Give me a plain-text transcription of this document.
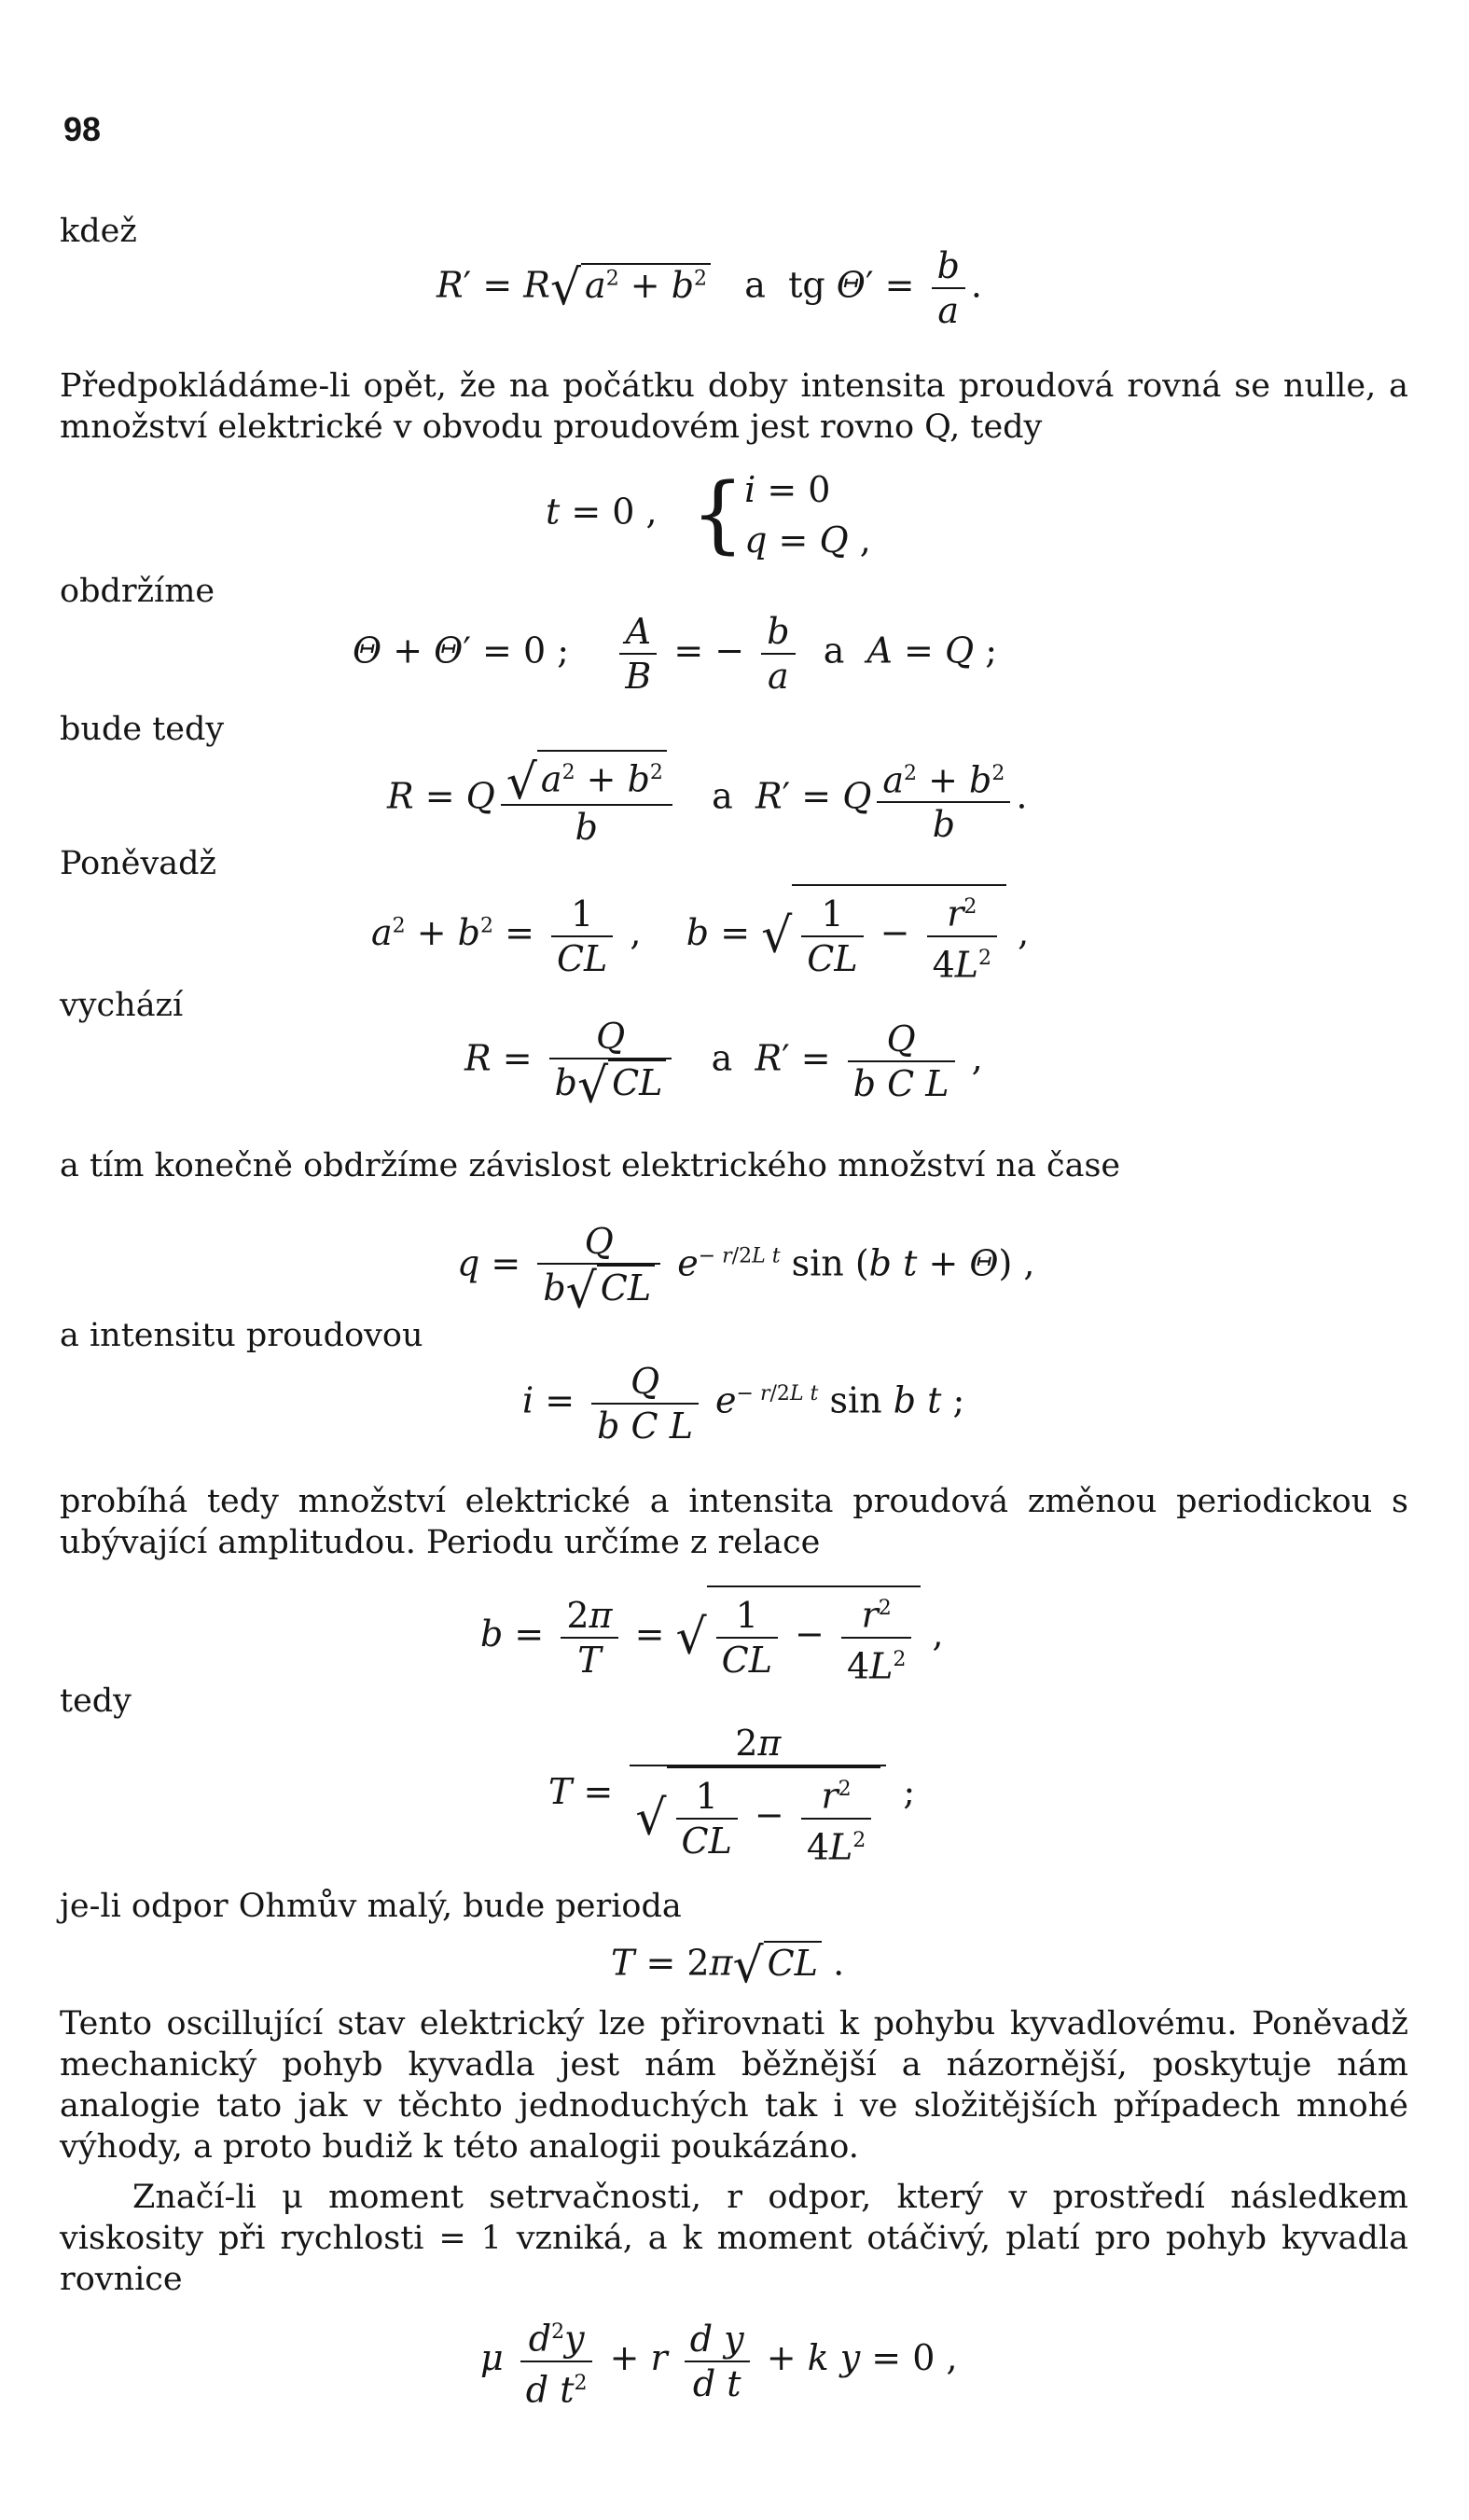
98
kdež
R′ = R√ $a^2 + b^2$ a tg $\Theta' = \frac{b}{a}$ .

Předpokládáme-li opět, že na počátku doby intensita proudová rovná se nulle, a množství elektrické v obvodu proudovém jest rovno Q, tedy

t = 0 ,   { i = 0
q = Q ,
obdržíme
Θ + Θ′ = 0 ; $\frac{A}{B}$ = − $\frac{b}{a}$ a A = Q ;
bude tedy
R = Q $\frac{√ a^2 + b^2}{b}$ a  R′ = Q $\frac{a^2 + b^2}{b}$ .
Poněvadž
$a^2 + b^2 = \frac{1}{CL}$ ,    b = √ $\frac{1}{CL} - \frac{r^2}{4L^2}$ ,
vychází
$R = \frac{Q}{b√ CL}$ a  $R' = \frac{Q}{\text{b C L}}$ ,

a tím konečně obdržíme závislost elektrického množství na čase

$q = \frac{Q}{b√ CL} e^{- r/2L t}$ sin (b t + Θ) ,
a intensitu proudovou
$i = \frac{Q}{\text{b C L}} e^{- r/2L t}$ sin b t ;

probíhá tedy množství elektrické a intensita proudová změnou periodickou s ubývající amplitudou. Periodu určíme z relace

$b = \frac{2\pi}{T}$ = √ $\frac{1}{CL} - \frac{r^2}{4L^2}$ ,
tedy
$T = \frac{2\pi}{√ \frac{1}{CL} - \frac{r^2}{4L^2}}$ ;
je-li odpor Ohmův malý, bude perioda
T = 2π√ CL .

Tento oscillující stav elektrický lze přirovnati k pohybu kyvadlovému. Poněvadž mechanický pohyb kyvadla jest nám běžnější a názornější, poskytuje nám analogie tato jak v těchto jednoduchých tak i ve složitějších případech mnohé výhody, a proto budiž k této analogii poukázáno.

Značí-li μ moment setrvačnosti, r odpor, který v prostředí následkem viskosity při rychlosti = 1 vzniká, a k moment otáčivý, platí pro pohyb kyvadla rovnice

μ $\frac{d^2y}{d t^2} + r \frac{\text{d y}}{\text{d t}} + k$ y = 0 ,
